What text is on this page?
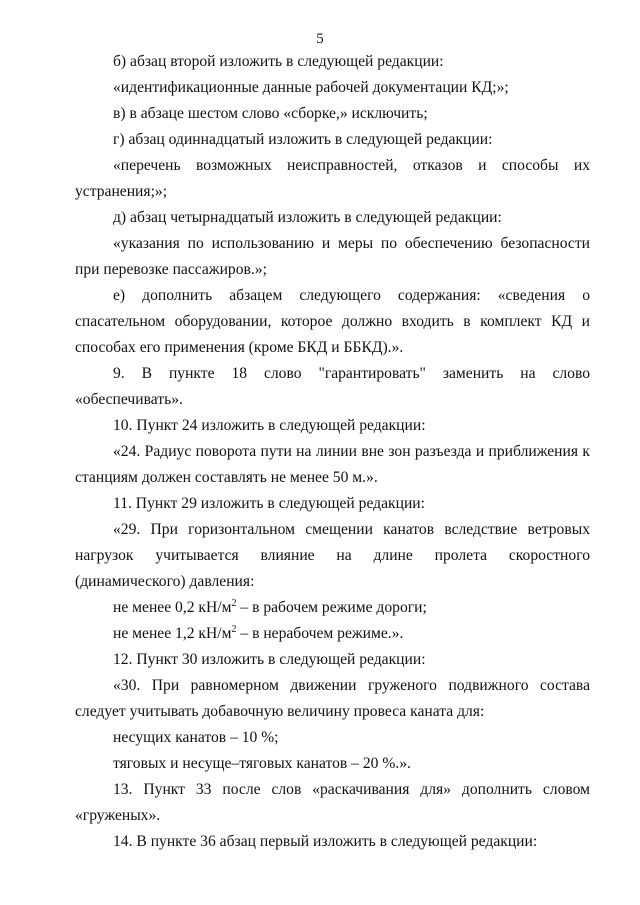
5

б) абзац второй изложить в следующей редакции:

«идентификационные данные рабочей документации КД;»;

в) в абзаце шестом слово «сборке,» исключить;

г) абзац одиннадцатый изложить в следующей редакции:

«перечень возможных неисправностей, отказов и способы их устранения;»;

д) абзац четырнадцатый изложить в следующей редакции:

«указания по использованию и меры по обеспечению безопасности при перевозке пассажиров.»;

е) дополнить абзацем следующего содержания: «сведения о спасательном оборудовании, которое должно входить в комплект КД и способах его применения (кроме БКД и ББКД).».

9. В пункте 18 слово "гарантировать" заменить на слово «обеспечивать».

10. Пункт 24 изложить в следующей редакции:

«24. Радиус поворота пути на линии вне зон разъезда и приближения к станциям должен составлять не менее 50 м.».

11. Пункт 29 изложить в следующей редакции:

«29. При горизонтальном смещении канатов вследствие ветровых нагрузок учитывается влияние на длине пролета скоростного (динамического) давления:

не менее 0,2 $кН/м^2$ – в рабочем режиме дороги;

не менее 1,2 $кН/м^2$ – в нерабочем режиме.».

12. Пункт 30 изложить в следующей редакции:

«30. При равномерном движении груженого подвижного состава следует учитывать добавочную величину провеса каната для:

несущих канатов – 10 %;

тяговых и несуще–тяговых канатов – 20 %.».

13. Пункт 33 после слов «раскачивания для» дополнить словом «груженых».

14. В пункте 36 абзац первый изложить в следующей редакции:
